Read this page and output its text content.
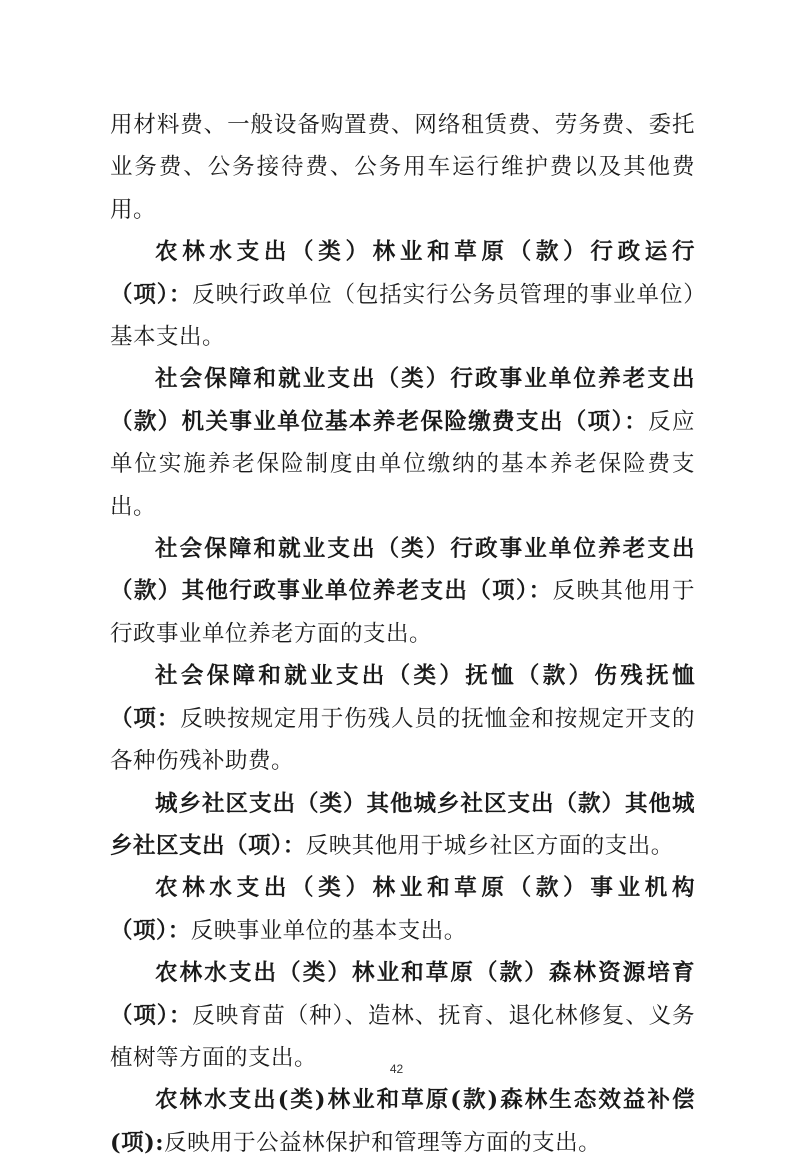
用材料费、一般设备购置费、网络租赁费、劳务费、委托业务费、公务接待费、公务用车运行维护费以及其他费用。

农林水支出（类）林业和草原（款）行政运行（项）：反映行政单位（包括实行公务员管理的事业单位）基本支出。

社会保障和就业支出（类）行政事业单位养老支出（款）机关事业单位基本养老保险缴费支出（项）：反应单位实施养老保险制度由单位缴纳的基本养老保险费支出。

社会保障和就业支出（类）行政事业单位养老支出（款）其他行政事业单位养老支出（项）：反映其他用于行政事业单位养老方面的支出。

社会保障和就业支出（类）抚恤（款）伤残抚恤（项：反映按规定用于伤残人员的抚恤金和按规定开支的各种伤残补助费。

城乡社区支出（类）其他城乡社区支出（款）其他城乡社区支出（项）：反映其他用于城乡社区方面的支出。

农林水支出（类）林业和草原（款）事业机构（项）：反映事业单位的基本支出。

农林水支出（类）林业和草原（款）森林资源培育（项）：反映育苗（种）、造林、抚育、退化林修复、义务植树等方面的支出。

农林水支出(类)林业和草原(款)森林生态效益补偿(项):反映用于公益林保护和管理等方面的支出。

42
